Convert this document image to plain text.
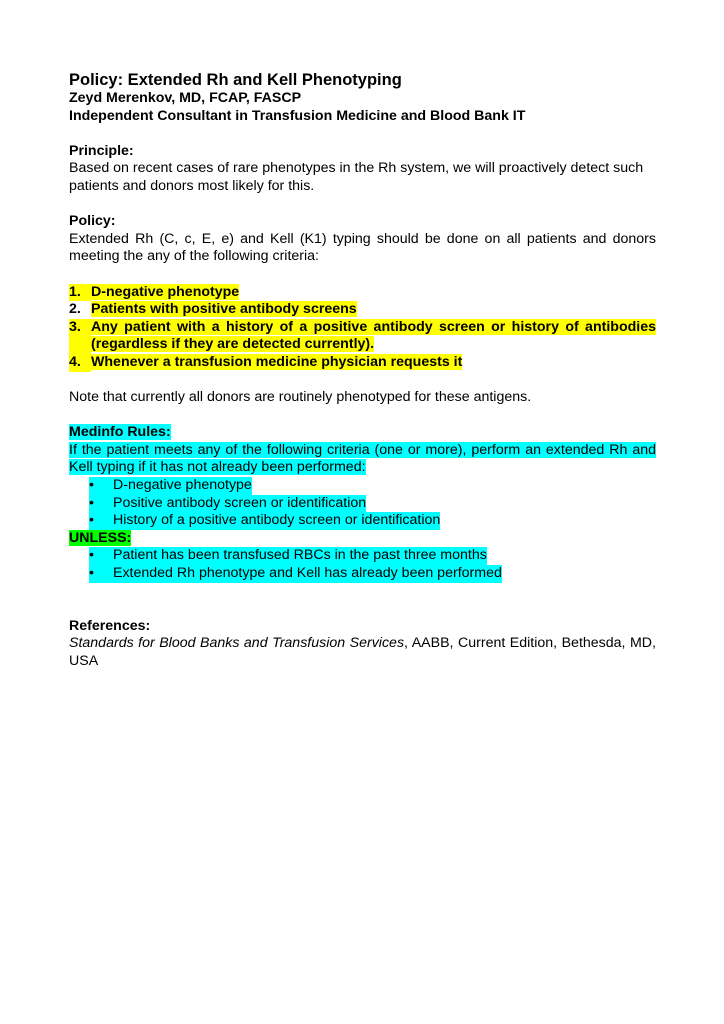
Policy: Extended Rh and Kell Phenotyping
Zeyd Merenkov, MD, FCAP, FASCP
Independent Consultant in Transfusion Medicine and Blood Bank IT
Principle:
Based on recent cases of rare phenotypes in the Rh system, we will proactively detect such patients and donors most likely for this.
Policy:
Extended Rh (C, c, E, e) and Kell (K1) typing should be done on all patients and donors meeting the any of the following criteria:
1. D-negative phenotype
2. Patients with positive antibody screens
3. Any patient with a history of a positive antibody screen or history of antibodies (regardless if they are detected currently).
4. Whenever a transfusion medicine physician requests it
Note that currently all donors are routinely phenotyped for these antigens.
Medinfo Rules:
If the patient meets any of the following criteria (one or more), perform an extended Rh and Kell typing if it has not already been performed:
•	D-negative phenotype
•	Positive antibody screen or identification
•	History of a positive antibody screen or identification
UNLESS:
•	Patient has been transfused RBCs in the past three months
•	Extended Rh phenotype and Kell has already been performed
References:
Standards for Blood Banks and Transfusion Services, AABB, Current Edition, Bethesda, MD, USA
